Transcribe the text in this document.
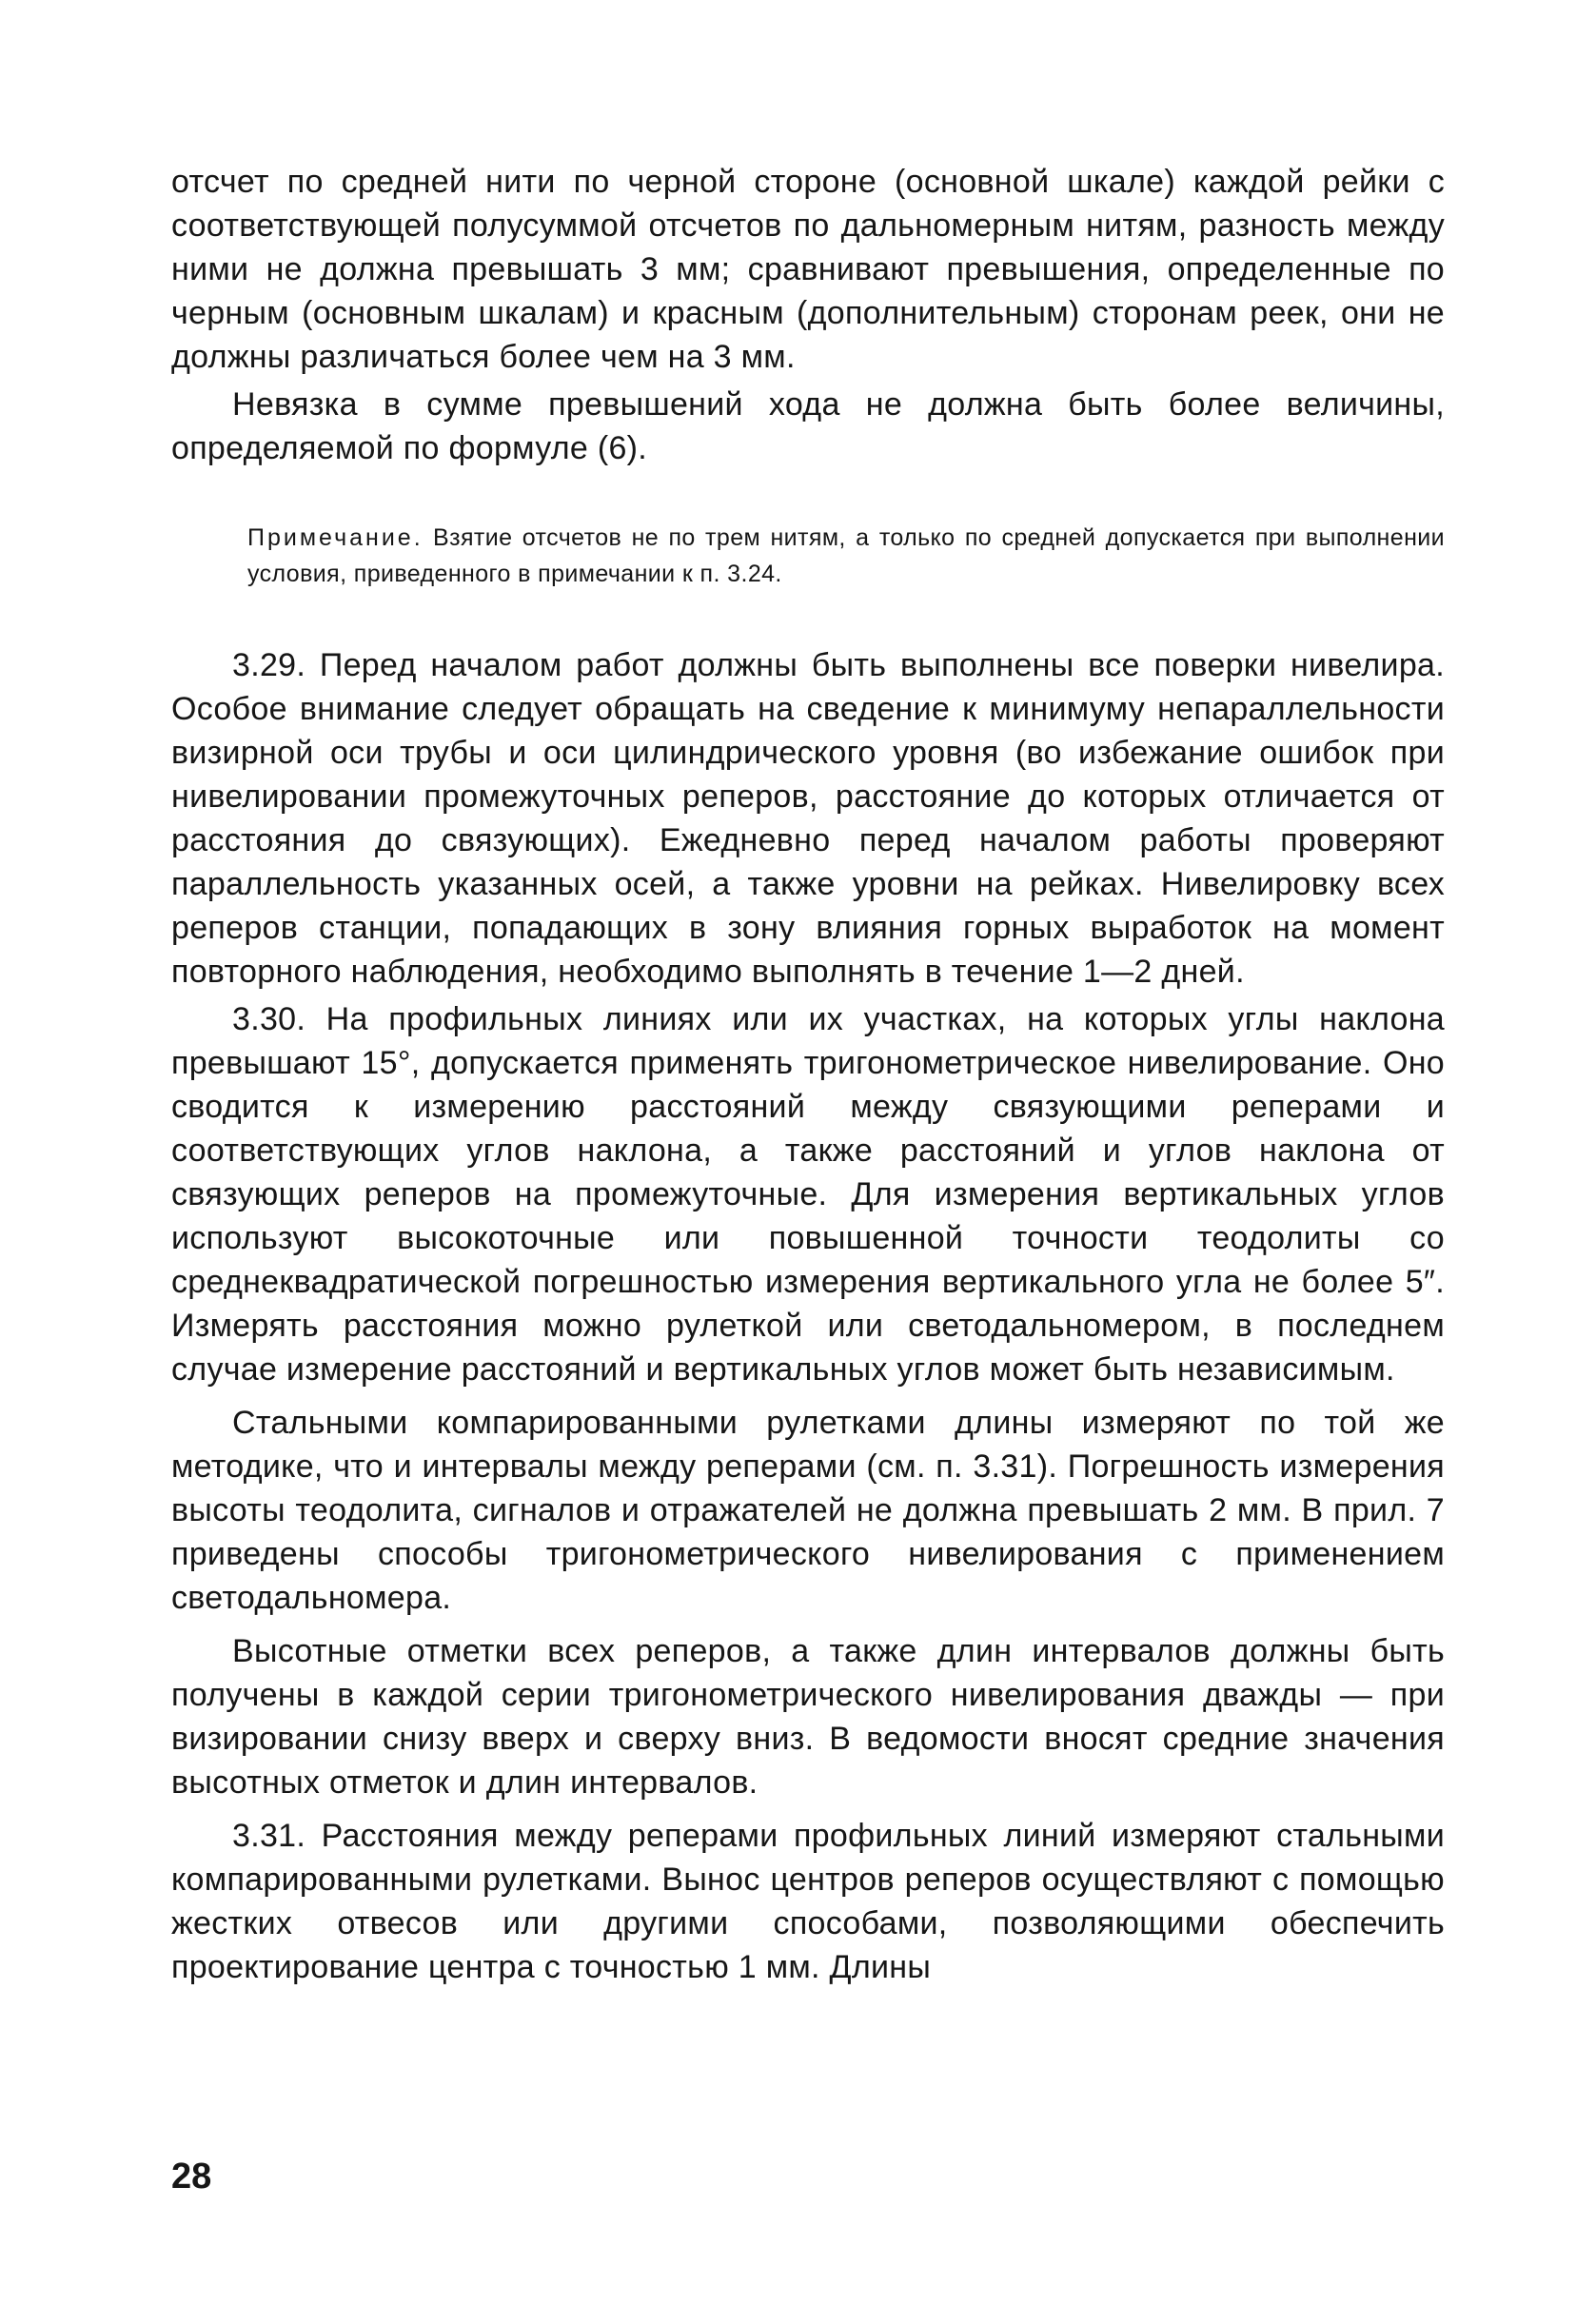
отсчет по средней нити по черной стороне (основной шкале) каждой рейки с соответствующей полусуммой отсчетов по дальномерным нитям, разность между ними не должна превышать 3 мм; сравнивают превышения, определенные по черным (основным шкалам) и красным (дополнительным) сторонам реек, они не должны различаться более чем на 3 мм.

Невязка в сумме превышений хода не должна быть более величины, определяемой по формуле (6).

Примечание. Взятие отсчетов не по трем нитям, а только по средней допускается при выполнении условия, приведенного в примечании к п. 3.24.

3.29. Перед началом работ должны быть выполнены все поверки нивелира. Особое внимание следует обращать на сведение к минимуму непараллельности визирной оси трубы и оси цилиндрического уровня (во избежание ошибок при нивелировании промежуточных реперов, расстояние до которых отличается от расстояния до связующих). Ежедневно перед началом работы проверяют параллельность указанных осей, а также уровни на рейках. Нивелировку всех реперов станции, попадающих в зону влияния горных выработок на момент повторного наблюдения, необходимо выполнять в течение 1—2 дней.

3.30. На профильных линиях или их участках, на которых углы наклона превышают 15°, допускается применять тригонометрическое нивелирование. Оно сводится к измерению расстояний между связующими реперами и соответствующих углов наклона, а также расстояний и углов наклона от связующих реперов на промежуточные. Для измерения вертикальных углов используют высокоточные или повышенной точности теодолиты со среднеквадратической погрешностью измерения вертикального угла не более 5″. Измерять расстояния можно рулеткой или светодальномером, в последнем случае измерение расстояний и вертикальных углов может быть независимым.

Стальными компарированными рулетками длины измеряют по той же методике, что и интервалы между реперами (см. п. 3.31). Погрешность измерения высоты теодолита, сигналов и отражателей не должна превышать 2 мм. В прил. 7 приведены способы тригонометрического нивелирования с применением светодальномера.

Высотные отметки всех реперов, а также длин интервалов должны быть получены в каждой серии тригонометрического нивелирования дважды — при визировании снизу вверх и сверху вниз. В ведомости вносят средние значения высотных отметок и длин интервалов.

3.31. Расстояния между реперами профильных линий измеряют стальными компарированными рулетками. Вынос центров реперов осуществляют с помощью жестких отвесов или другими способами, позволяющими обеспечить проектирование центра с точностью 1 мм. Длины

28
